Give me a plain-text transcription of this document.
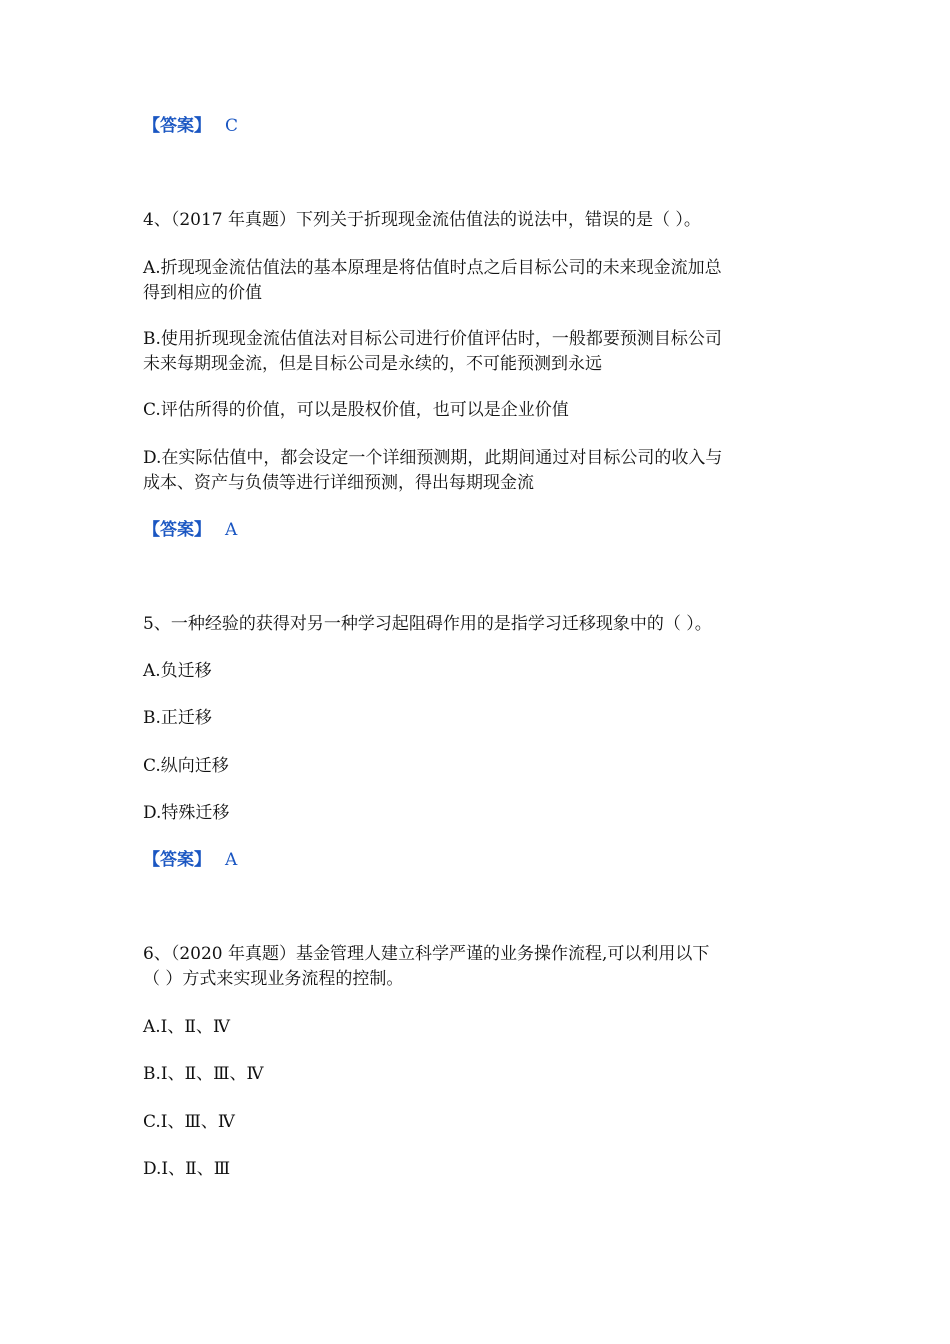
【答案】 C
4、（2017 年真题）下列关于折现现金流估值法的说法中，错误的是（ ）。
A.折现现金流估值法的基本原理是将估值时点之后目标公司的未来现金流加总
得到相应的价值
B.使用折现现金流估值法对目标公司进行价值评估时，一般都要预测目标公司
未来每期现金流，但是目标公司是永续的，不可能预测到永远
C.评估所得的价值，可以是股权价值，也可以是企业价值
D.在实际估值中，都会设定一个详细预测期，此期间通过对目标公司的收入与
成本、资产与负债等进行详细预测，得出每期现金流
【答案】 A
5、一种经验的获得对另一种学习起阻碍作用的是指学习迁移现象中的（ ）。
A.负迁移
B.正迁移
C.纵向迁移
D.特殊迁移
【答案】 A
6、（2020 年真题）基金管理人建立科学严谨的业务操作流程,可以利用以下
（ ）方式来实现业务流程的控制。
A.Ⅰ、Ⅱ、Ⅳ
B.Ⅰ、Ⅱ、Ⅲ、Ⅳ
C.Ⅰ、Ⅲ、Ⅳ
D.Ⅰ、Ⅱ、Ⅲ
